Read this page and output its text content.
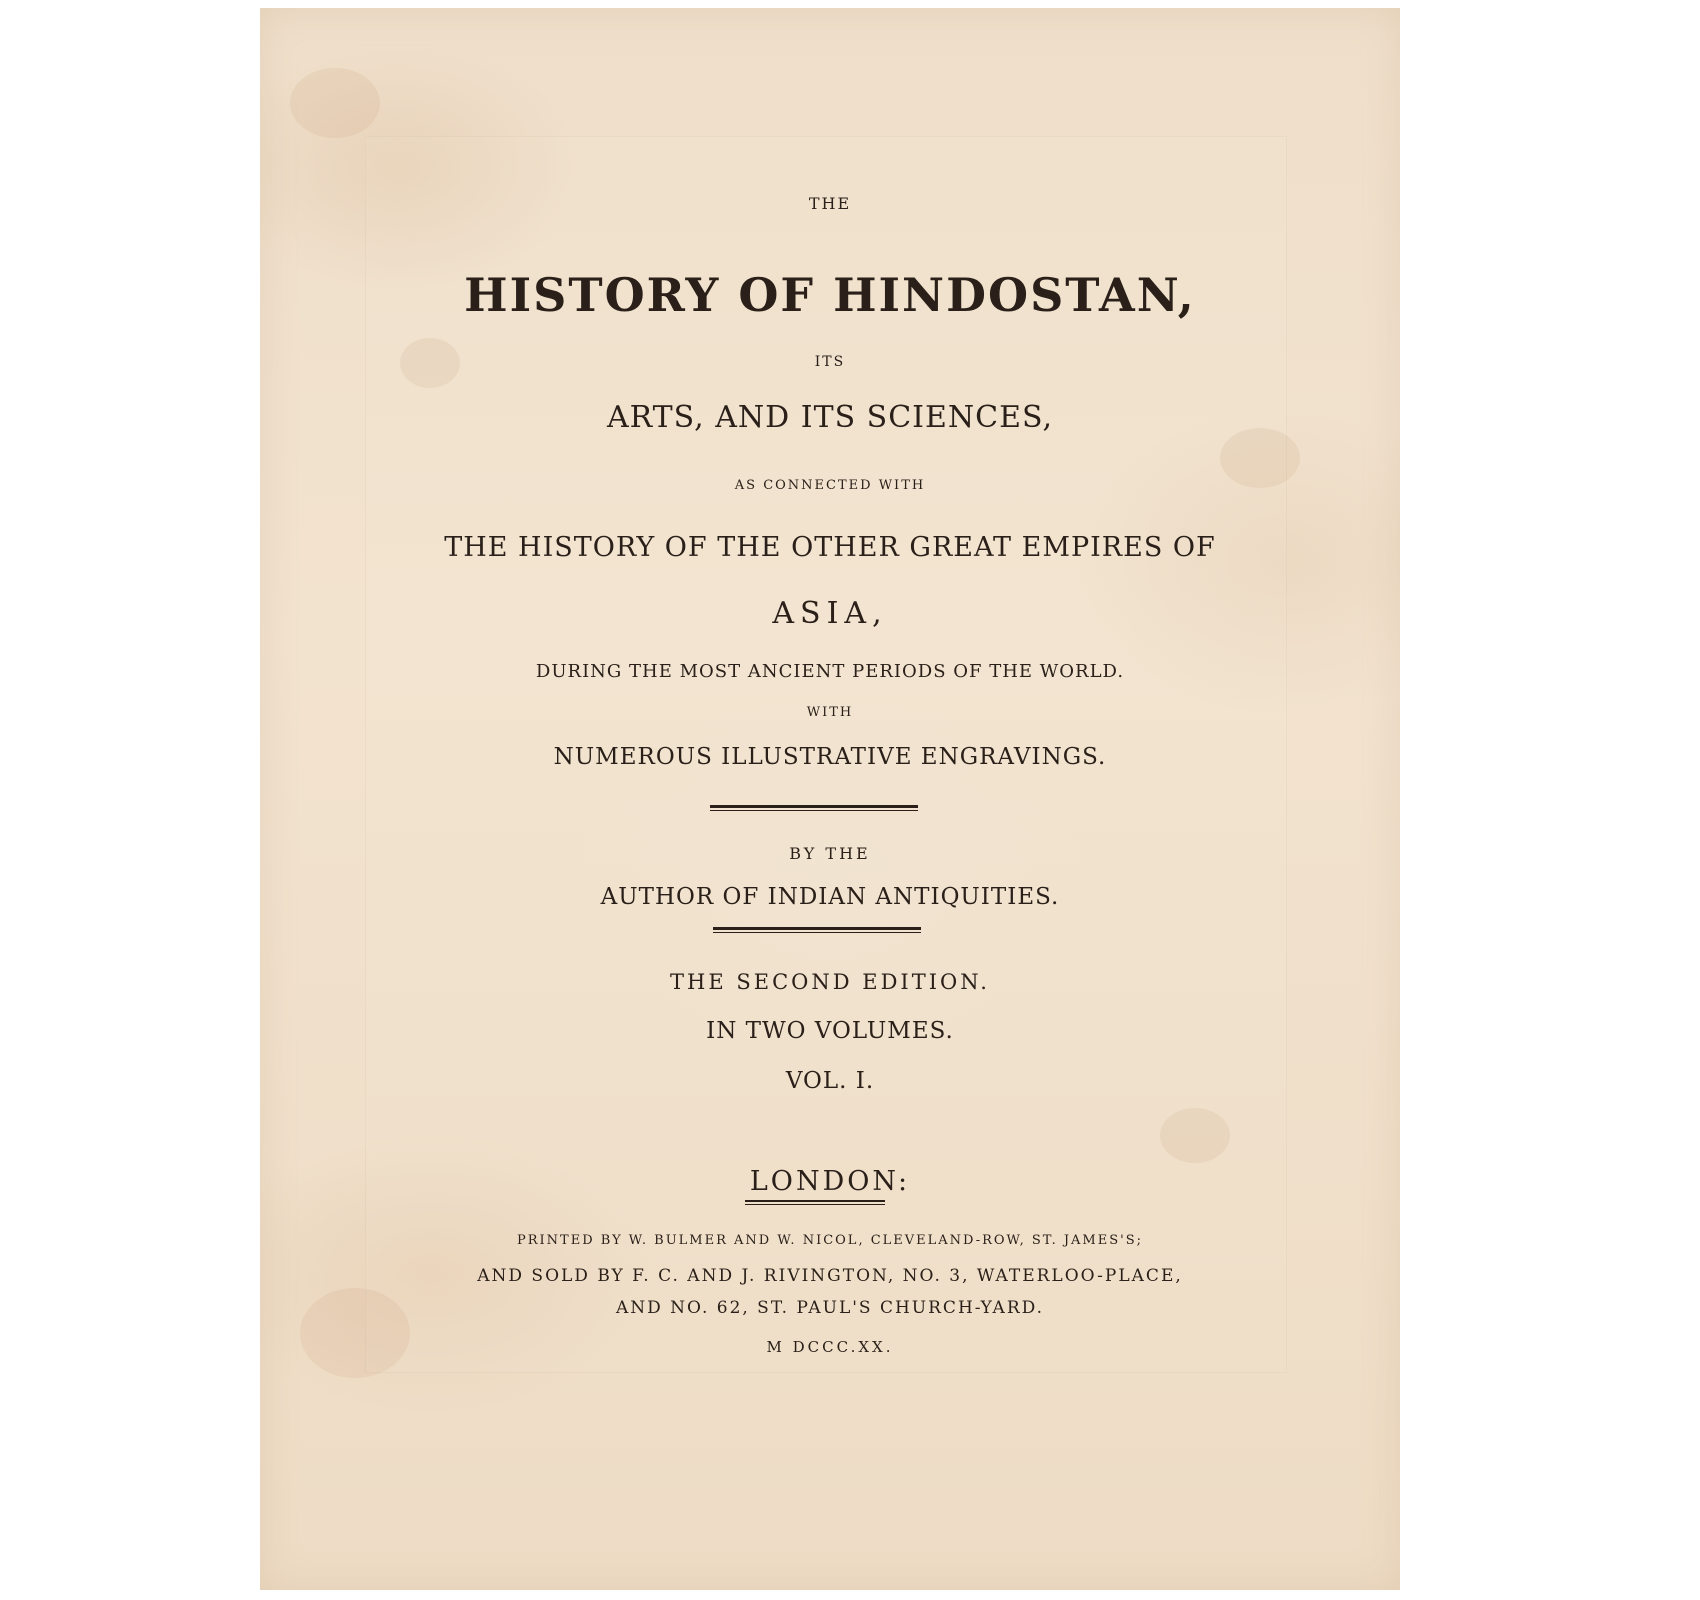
THE
HISTORY OF HINDOSTAN,
ITS
ARTS, AND ITS SCIENCES,
AS CONNECTED WITH
THE HISTORY OF THE OTHER GREAT EMPIRES OF
ASIA,
DURING THE MOST ANCIENT PERIODS OF THE WORLD.
WITH
NUMEROUS ILLUSTRATIVE ENGRAVINGS.
BY THE
AUTHOR OF INDIAN ANTIQUITIES.
THE SECOND EDITION.
IN TWO VOLUMES.
VOL. I.
LONDON:
PRINTED BY W. BULMER AND W. NICOL, CLEVELAND-ROW, ST. JAMES'S;
AND SOLD BY F. C. AND J. RIVINGTON, NO. 3, WATERLOO-PLACE,
AND NO. 62, ST. PAUL'S CHURCH-YARD.
M DCCC.XX.
